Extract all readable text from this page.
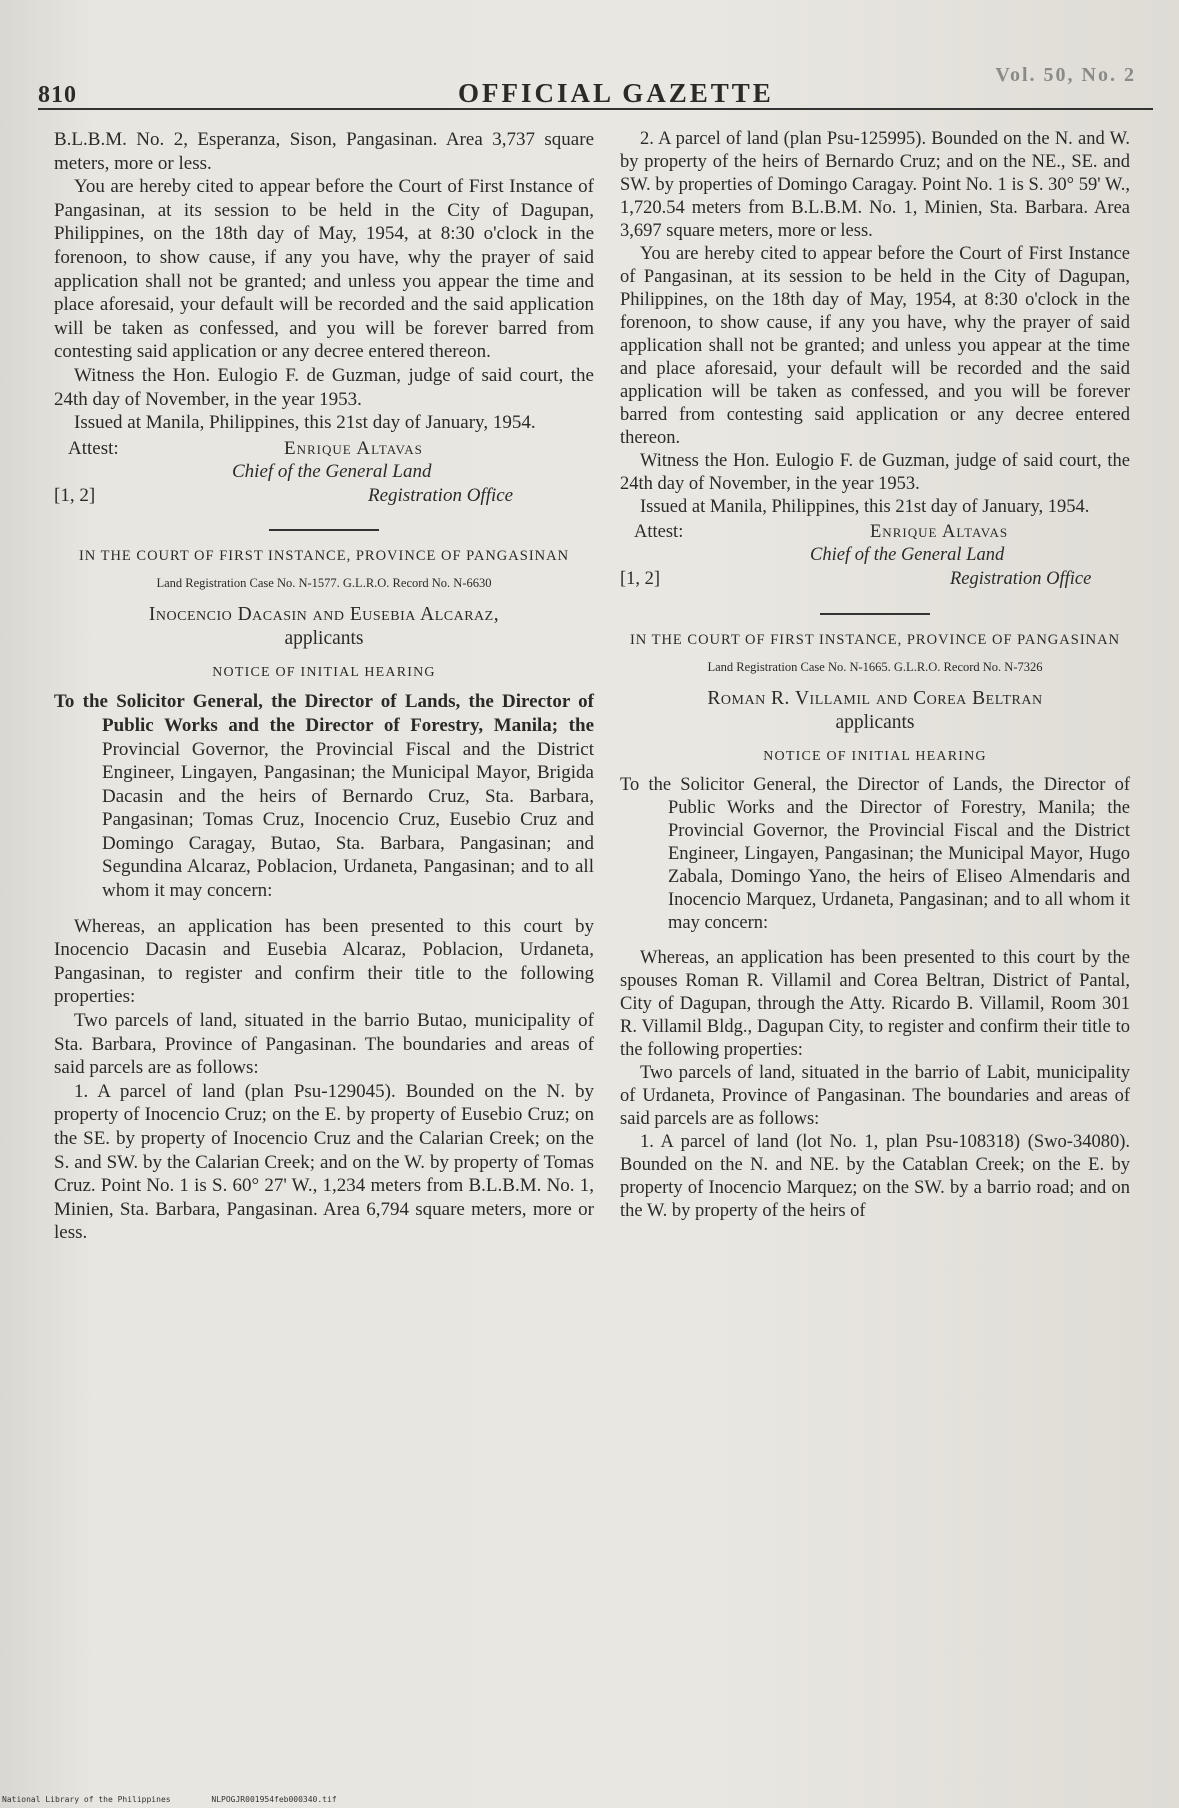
810	OFFICIAL GAZETTE
Vol. 50, No. 2

B.L.B.M. No. 2, Esperanza, Sison, Pangasinan. Area 3,737 square meters, more or less.

You are hereby cited to appear before the Court of First Instance of Pangasinan, at its session to be held in the City of Dagupan, Philippines, on the 18th day of May, 1954, at 8:30 o'clock in the forenoon, to show cause, if any you have, why the prayer of said application shall not be granted; and unless you appear the time and place aforesaid, your default will be recorded and the said application will be taken as confessed, and you will be forever barred from contesting said application or any decree entered thereon.

Witness the Hon. Eulogio F. de Guzman, judge of said court, the 24th day of November, in the year 1953.

Issued at Manila, Philippines, this 21st day of January, 1954.

Attest:	Enrique Altavas
Chief of the General Land
[1, 2]	Registration Office
IN THE COURT OF FIRST INSTANCE, PROVINCE OF PANGASINAN
Land Registration Case No. N-1577. G.L.R.O. Record No. N-6630
Inocencio Dacasin and Eusebia Alcaraz,
applicants
NOTICE OF INITIAL HEARING

To the Solicitor General, the Director of Lands, the Director of Public Works and the Director of Forestry, Manila; the Provincial Governor, the Provincial Fiscal and the District Engineer, Lingayen, Pangasinan; the Municipal Mayor, Brigida Dacasin and the heirs of Bernardo Cruz, Sta. Barbara, Pangasinan; Tomas Cruz, Inocencio Cruz, Eusebio Cruz and Domingo Caragay, Butao, Sta. Barbara, Pangasinan; and Segundina Alcaraz, Poblacion, Urdaneta, Pangasinan; and to all whom it may concern:

Whereas, an application has been presented to this court by Inocencio Dacasin and Eusebia Alcaraz, Poblacion, Urdaneta, Pangasinan, to register and confirm their title to the following properties:

Two parcels of land, situated in the barrio Butao, municipality of Sta. Barbara, Province of Pangasinan. The boundaries and areas of said parcels are as follows:

1. A parcel of land (plan Psu-129045). Bounded on the N. by property of Inocencio Cruz; on the E. by property of Eusebio Cruz; on the SE. by property of Inocencio Cruz and the Calarian Creek; on the S. and SW. by the Calarian Creek; and on the W. by property of Tomas Cruz. Point No. 1 is S. 60° 27' W., 1,234 meters from B.L.B.M. No. 1, Minien, Sta. Barbara, Pangasinan. Area 6,794 square meters, more or less.

2. A parcel of land (plan Psu-125995). Bounded on the N. and W. by property of the heirs of Bernardo Cruz; and on the NE., SE. and SW. by properties of Domingo Caragay. Point No. 1 is S. 30° 59' W., 1,720.54 meters from B.L.B.M. No. 1, Minien, Sta. Barbara. Area 3,697 square meters, more or less.

You are hereby cited to appear before the Court of First Instance of Pangasinan, at its session to be held in the City of Dagupan, Philippines, on the 18th day of May, 1954, at 8:30 o'clock in the forenoon, to show cause, if any you have, why the prayer of said application shall not be granted; and unless you appear at the time and place aforesaid, your default will be recorded and the said application will be taken as confessed, and you will be forever barred from contesting said application or any decree entered thereon.

Witness the Hon. Eulogio F. de Guzman, judge of said court, the 24th day of November, in the year 1953.

Issued at Manila, Philippines, this 21st day of January, 1954.

Attest:	Enrique Altavas
Chief of the General Land
[1, 2]	Registration Office
IN THE COURT OF FIRST INSTANCE, PROVINCE OF PANGASINAN
Land Registration Case No. N-1665. G.L.R.O. Record No. N-7326
Roman R. Villamil and Corea Beltran
applicants
NOTICE OF INITIAL HEARING

To the Solicitor General, the Director of Lands, the Director of Public Works and the Director of Forestry, Manila; the Provincial Governor, the Provincial Fiscal and the District Engineer, Lingayen, Pangasinan; the Municipal Mayor, Hugo Zabala, Domingo Yano, the heirs of Eliseo Almendaris and Inocencio Marquez, Urdaneta, Pangasinan; and to all whom it may concern:

Whereas, an application has been presented to this court by the spouses Roman R. Villamil and Corea Beltran, District of Pantal, City of Dagupan, through the Atty. Ricardo B. Villamil, Room 301 R. Villamil Bldg., Dagupan City, to register and confirm their title to the following properties:

Two parcels of land, situated in the barrio of Labit, municipality of Urdaneta, Province of Pangasinan. The boundaries and areas of said parcels are as follows:

1. A parcel of land (lot No. 1, plan Psu-108318) (Swo-34080). Bounded on the N. and NE. by the Catablan Creek; on the E. by property of Inocencio Marquez; on the SW. by a barrio road; and on the W. by property of the heirs of

National Library of the Philippines	NLPOGJR001954feb000340.tif
